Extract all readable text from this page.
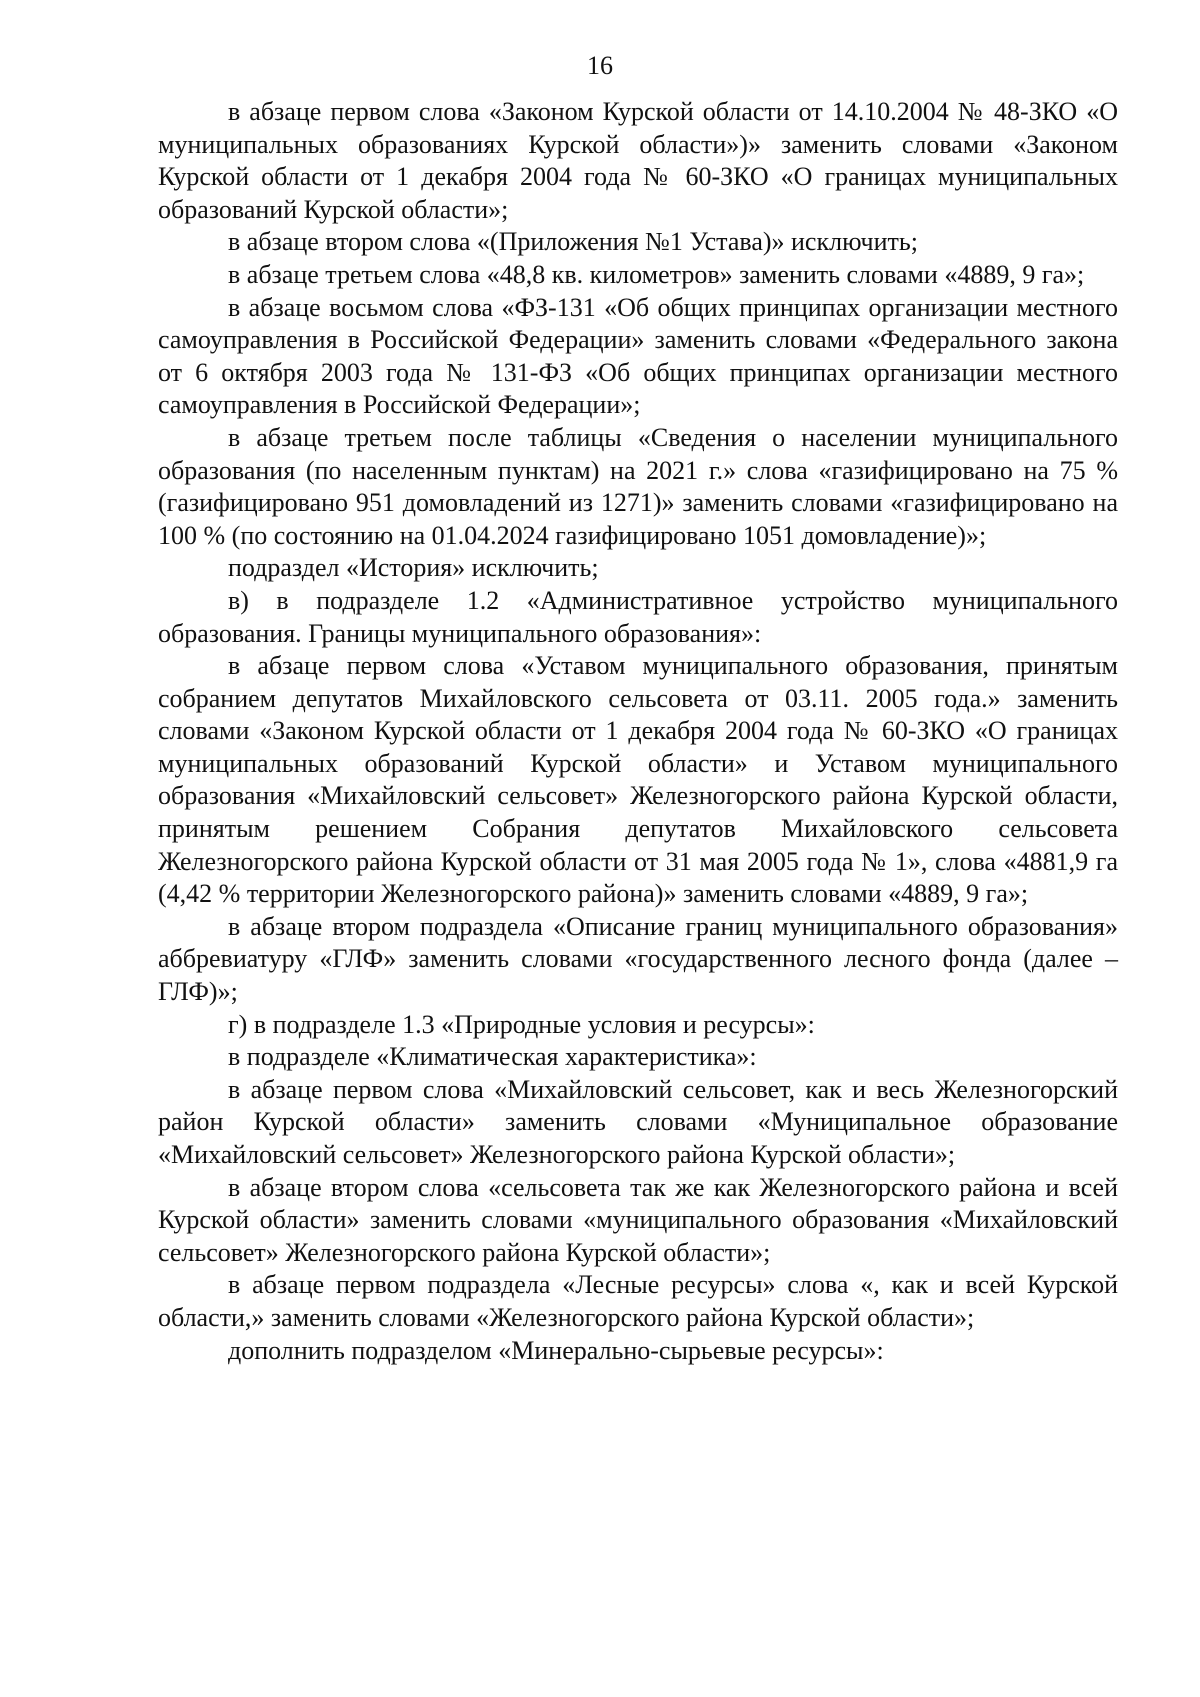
16

в абзаце первом слова «Законом Курской области от 14.10.2004 № 48-ЗКО «О муниципальных образованиях Курской области»)» заменить словами «Законом Курской области от 1 декабря 2004 года № 60-ЗКО «О границах муниципальных образований Курской области»;

в абзаце втором слова «(Приложения №1 Устава)» исключить;

в абзаце третьем слова «48,8 кв. километров» заменить словами «4889, 9 га»;

в абзаце восьмом слова «ФЗ-131 «Об общих принципах организации местного самоуправления в Российской Федерации» заменить словами «Федерального закона от 6 октября 2003 года № 131-ФЗ «Об общих принципах организации местного самоуправления в Российской Федерации»;

в абзаце третьем после таблицы «Сведения о населении муниципального образования (по населенным пунктам) на 2021 г.» слова «газифицировано на 75 % (газифицировано 951 домовладений из 1271)» заменить словами «газифицировано на 100 % (по состоянию на 01.04.2024 газифицировано 1051 домовладение)»;

подраздел «История» исключить;

в) в подразделе 1.2 «Административное устройство муниципального образования. Границы муниципального образования»:

в абзаце первом слова «Уставом муниципального образования, принятым собранием депутатов Михайловского сельсовета от 03.11. 2005 года.» заменить словами «Законом Курской области от 1 декабря 2004 года № 60-ЗКО «О границах муниципальных образований Курской области» и Уставом муниципального образования «Михайловский сельсовет» Железногорского района Курской области, принятым решением Собрания депутатов Михайловского сельсовета Железногорского района Курской области от 31 мая 2005 года № 1», слова «4881,9 га (4,42 % территории Железногорского района)» заменить словами «4889, 9 га»;

в абзаце втором подраздела «Описание границ муниципального образования» аббревиатуру «ГЛФ» заменить словами «государственного лесного фонда (далее – ГЛФ)»;

г) в подразделе 1.3 «Природные условия и ресурсы»:

в подразделе «Климатическая характеристика»:

в абзаце первом слова «Михайловский сельсовет, как и весь Железногорский район Курской области» заменить словами «Муниципальное образование «Михайловский сельсовет» Железногорского района Курской области»;

в абзаце втором слова «сельсовета так же как Железногорского района и всей Курской области» заменить словами «муниципального образования «Михайловский сельсовет» Железногорского района Курской области»;

в абзаце первом подраздела «Лесные ресурсы» слова «, как и всей Курской области,» заменить словами «Железногорского района Курской области»;

дополнить подразделом «Минерально-сырьевые ресурсы»:
